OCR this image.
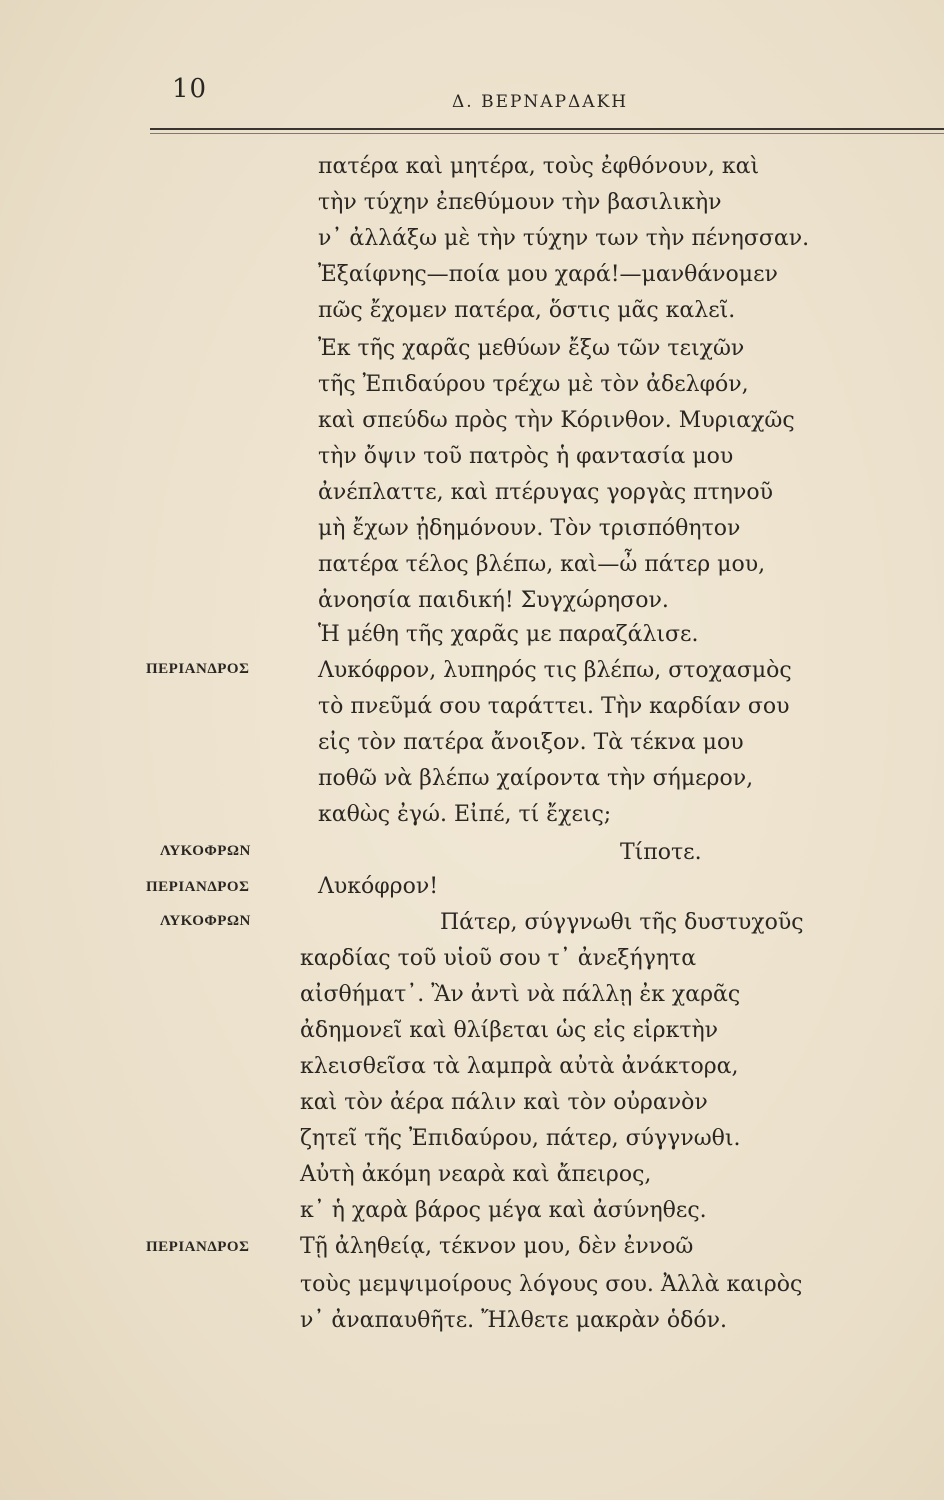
10	Δ. ΒΕΡΝΑΡΔΑΚΗ
ΠΕΡΙΑΝΔΡΟΣ
ΛΥΚΟΦΡΩΝ
ΠΕΡΙΑΝΔΡΟΣ
ΛΥΚΟΦΡΩΝ
ΠΕΡΙΑΝΔΡΟΣ
πατέρα καὶ μητέρα, τοὺς ἐφθόνουν, καὶ
τὴν τύχην ἐπεθύμουν τὴν βασιλικὴν
ν᾿ ἀλλάξω μὲ τὴν τύχην των τὴν πένησσαν.
Ἐξαίφνης—ποία μου χαρά!—μανθάνομεν
πῶς ἔχομεν πατέρα, ὅστις μᾶς καλεῖ.
Ἐκ τῆς χαρᾶς μεθύων ἔξω τῶν τειχῶν
τῆς Ἐπιδαύρου τρέχω μὲ τὸν ἀδελφόν,
καὶ σπεύδω πρὸς τὴν Κόρινθον. Μυριαχῶς
τὴν ὄψιν τοῦ πατρὸς ἡ φαντασία μου
ἀνέπλαττε, καὶ πτέρυγας γοργὰς πτηνοῦ
μὴ ἔχων ᾐδημόνουν. Τὸν τρισπόθητον
πατέρα τέλος βλέπω, καὶ—ὦ πάτερ μου,
ἀνοησία παιδική! Συγχώρησον.
Ἡ μέθη τῆς χαρᾶς με παραζάλισε.
Λυκόφρον, λυπηρός τις βλέπω, στοχασμὸς
τὸ πνεῦμά σου ταράττει. Τὴν καρδίαν σου
εἰς τὸν πατέρα ἄνοιξον. Τὰ τέκνα μου
ποθῶ νὰ βλέπω χαίροντα τὴν σήμερον,
καθὼς ἐγώ. Εἰπέ, τί ἔχεις;
Τίποτε.
Λυκόφρον!
Πάτερ, σύγγνωθι τῆς δυστυχοῦς
καρδίας τοῦ υἱοῦ σου τ᾿ ἀνεξήγητα
αἰσθήματ᾿. Ἂν ἀντὶ νὰ πάλλῃ ἐκ χαρᾶς
ἀδημονεῖ καὶ θλίβεται ὡς εἰς εἱρκτὴν
κλεισθεῖσα τὰ λαμπρὰ αὐτὰ ἀνάκτορα,
καὶ τὸν ἀέρα πάλιν καὶ τὸν οὐρανὸν
ζητεῖ τῆς Ἐπιδαύρου, πάτερ, σύγγνωθι.
Αὐτὴ ἀκόμη νεαρὰ καὶ ἄπειρος,
κ᾿ ἡ χαρὰ βάρος μέγα καὶ ἀσύνηθες.
Τῇ ἀληθείᾳ, τέκνον μου, δὲν ἐννοῶ
τοὺς μεμψιμοίρους λόγους σου. Ἀλλὰ καιρὸς
ν᾿ ἀναπαυθῆτε. Ἤλθετε μακρὰν ὁδόν.
